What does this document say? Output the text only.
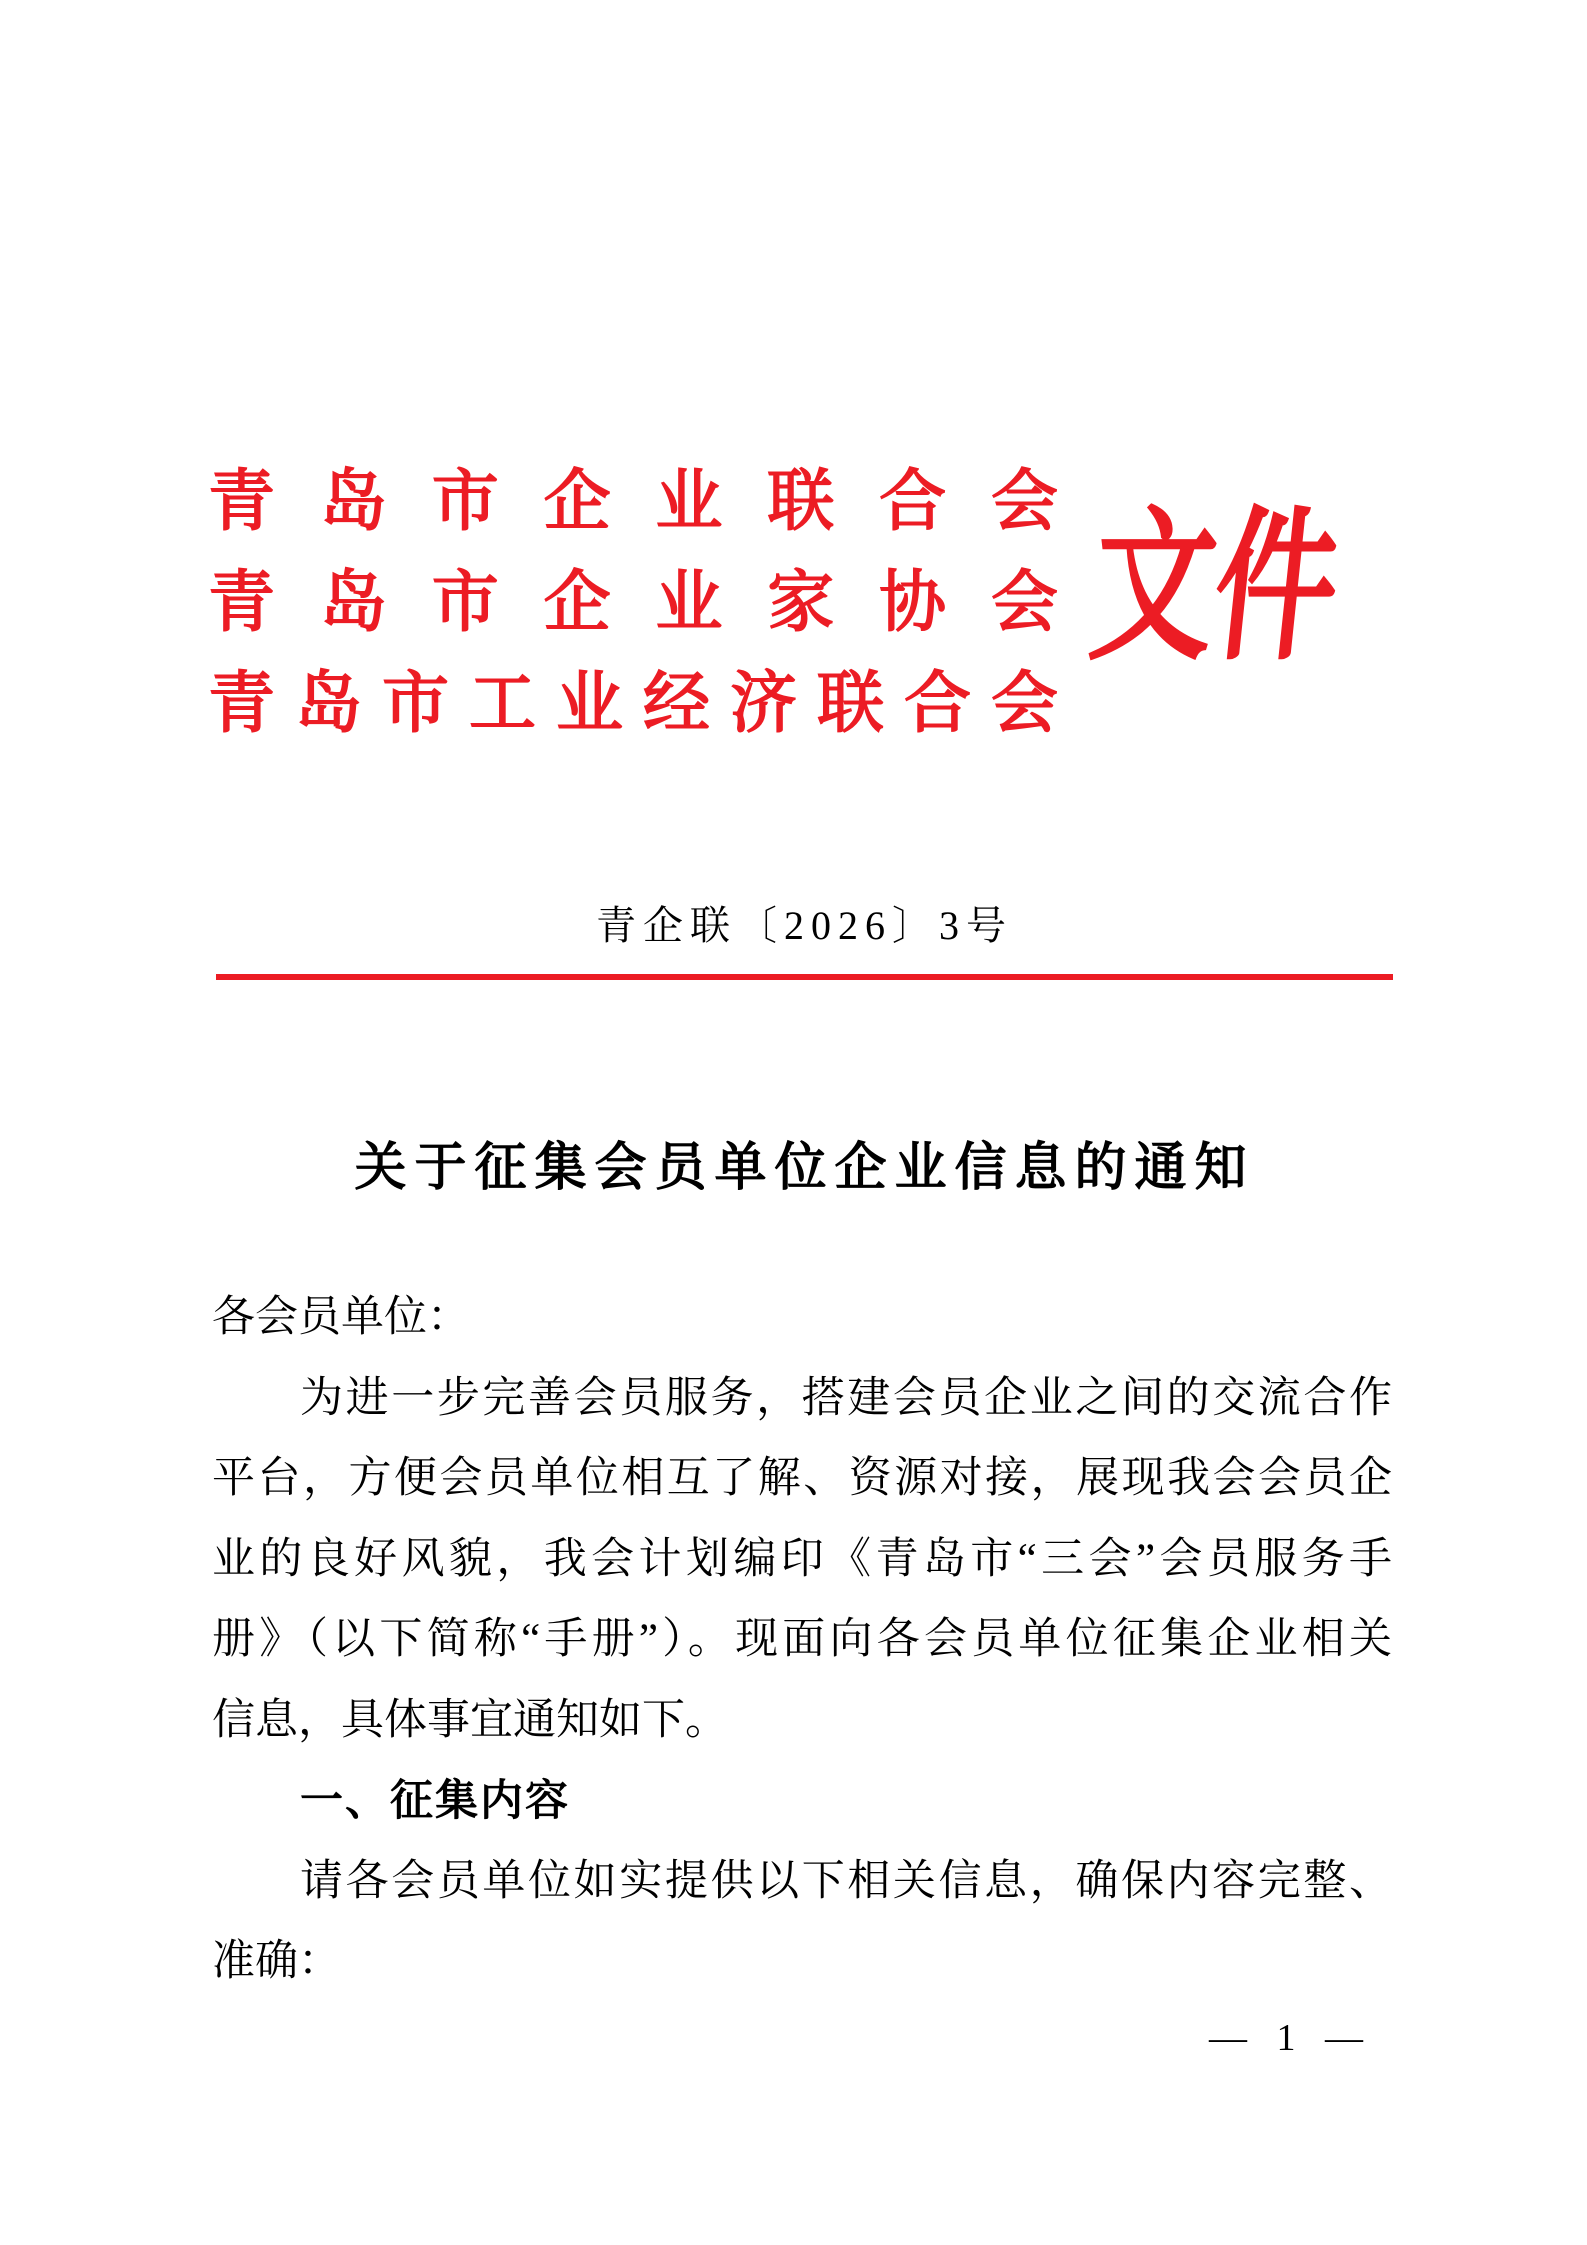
青岛市企业联合会
青岛市企业家协会
青岛市工业经济联合会
文件
青企联〔2026〕3号
关于征集会员单位企业信息的通知
各会员单位：
为进一步完善会员服务，搭建会员企业之间的交流合作
平台，方便会员单位相互了解、资源对接，展现我会会员企
业的良好风貌，我会计划编印《青岛市“三会”会员服务手
册》（以下简称“手册”）。现面向各会员单位征集企业相关
信息，具体事宜通知如下。
一、征集内容
请各会员单位如实提供以下相关信息，确保内容完整、
准确：
— 1 —
